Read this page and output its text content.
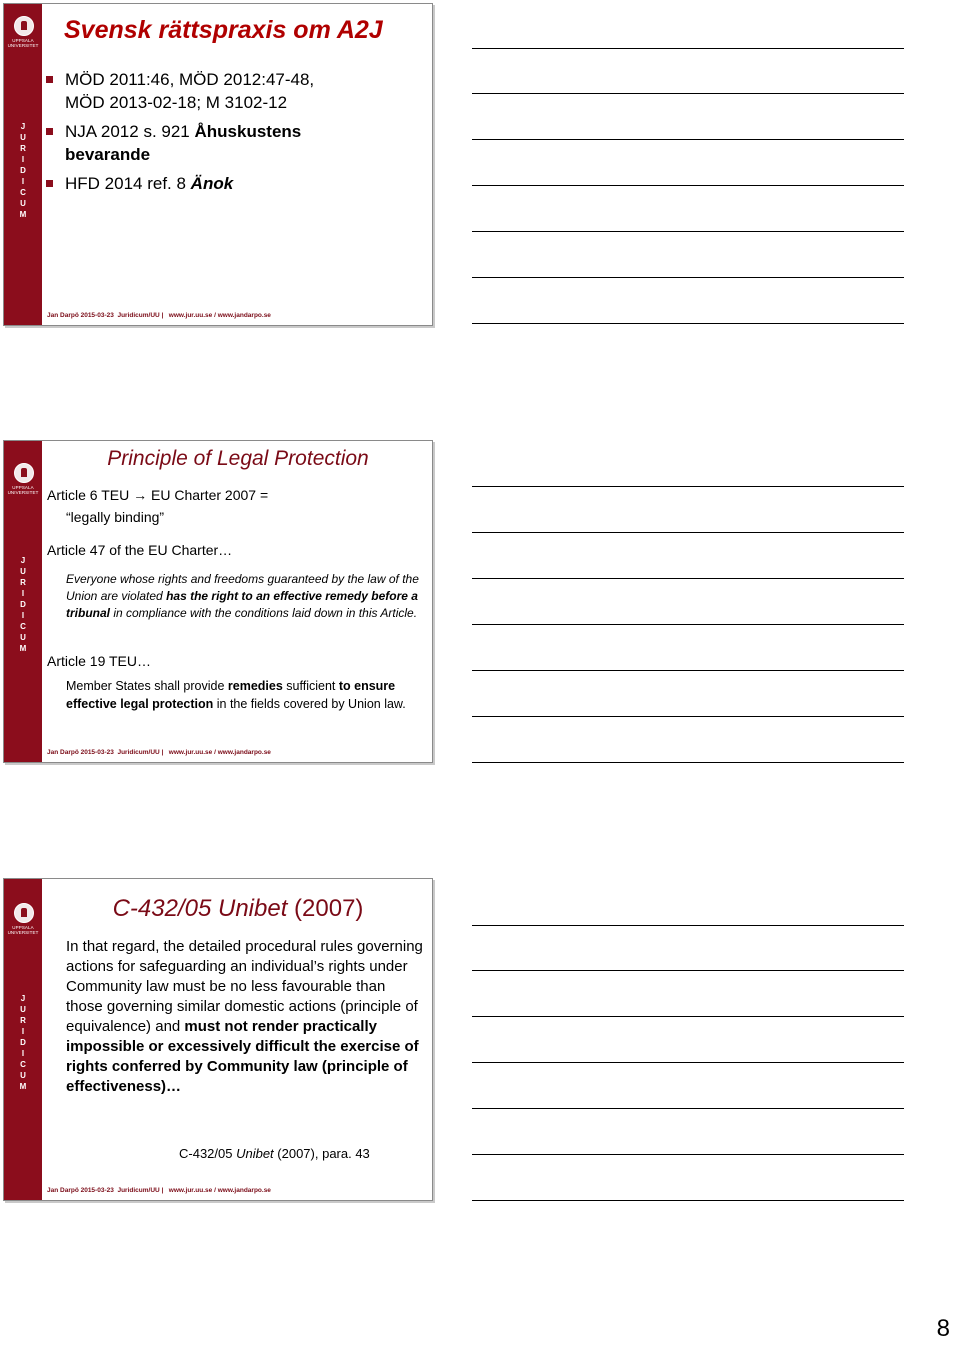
UPPSALA
UNIVERSITET
J
U
R
I
D
I
C
U
M
Svensk rättspraxis om A2J
MÖD 2011:46, MÖD 2012:47-48,
MÖD 2013-02-18; M 3102-12
NJA 2012 s. 921 Åhuskustens
bevarande
HFD 2014 ref. 8 Änok
Jan Darpö 2015-03-23 Juridicum/UU | www.jur.uu.se / www.jandarpo.se
UPPSALA
UNIVERSITET
J
U
R
I
D
I
C
U
M
Principle of Legal Protection
Article 6 TEU → EU Charter 2007 =
“legally binding”
Article 47 of the EU Charter…
Everyone whose rights and freedoms guaranteed by the law of the Union are violated has the right to an effective remedy before a tribunal in compliance with the conditions laid down in this Article.
Article 19 TEU…
Member States shall provide remedies sufficient to ensure effective legal protection in the fields covered by Union law.
Jan Darpö 2015-03-23 Juridicum/UU | www.jur.uu.se / www.jandarpo.se
UPPSALA
UNIVERSITET
J
U
R
I
D
I
C
U
M
C-432/05 Unibet (2007)
In that regard, the detailed procedural rules governing actions for safeguarding an individual’s rights under Community law must be no less favourable than those governing similar domestic actions (principle of equivalence) and must not render practically impossible or excessively difficult the exercise of rights conferred by Community law (principle of effectiveness)…
C-432/05 Unibet (2007), para. 43
Jan Darpö 2015-03-23 Juridicum/UU | www.jur.uu.se / www.jandarpo.se
8
